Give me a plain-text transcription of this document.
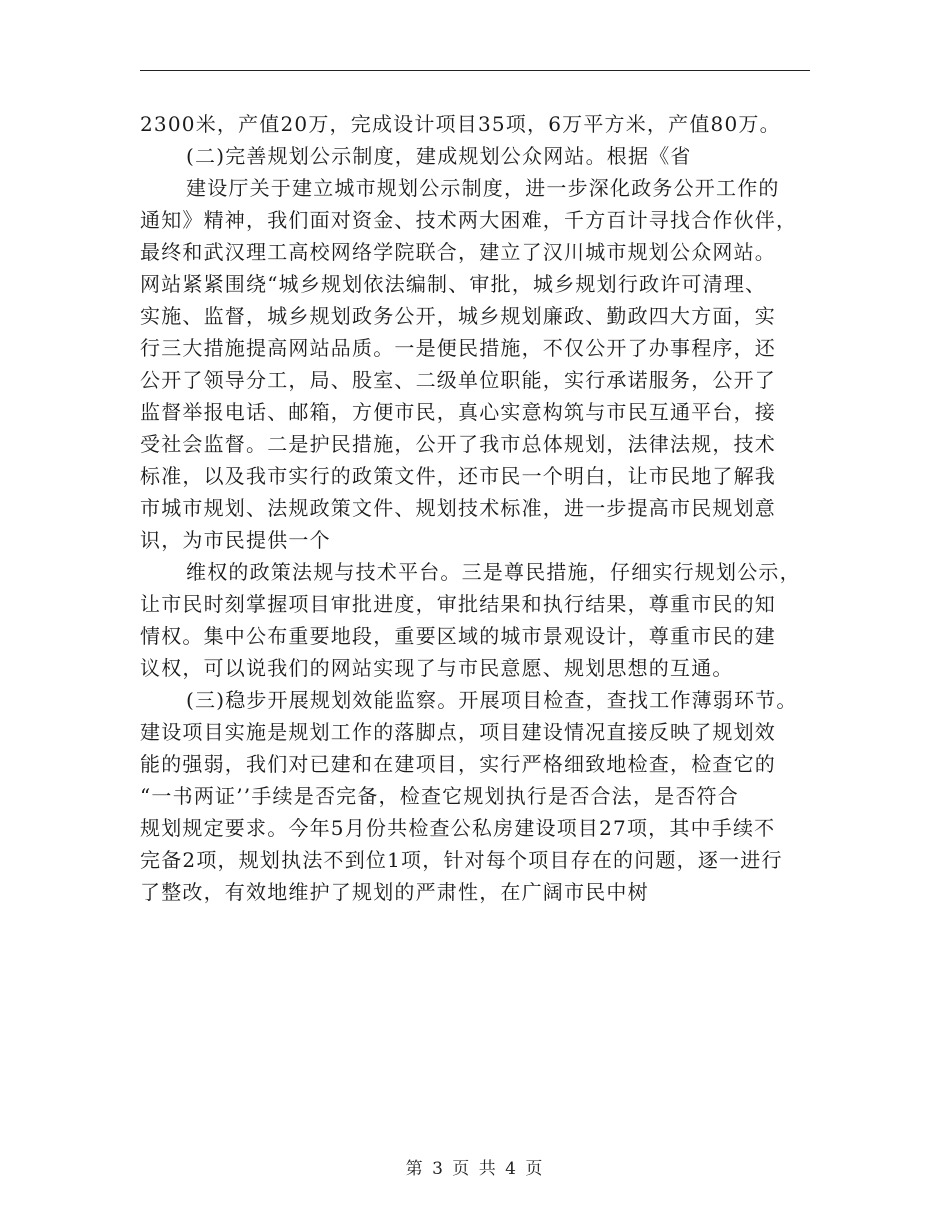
2300米，产值20万，完成设计项目35项，6万平方米，产值80万。
(二)完善规划公示制度，建成规划公众网站。根据《省
建设厅关于建立城市规划公示制度，进一步深化政务公开工作的
通知》精神，我们面对资金、技术两大困难，千方百计寻找合作伙伴，
最终和武汉理工高校网络学院联合，建立了汉川城市规划公众网站。
网站紧紧围绕“城乡规划依法编制、审批，城乡规划行政许可清理、
实施、监督，城乡规划政务公开，城乡规划廉政、勤政四大方面，实
行三大措施提高网站品质。一是便民措施，不仅公开了办事程序，还
公开了领导分工，局、股室、二级单位职能，实行承诺服务，公开了
监督举报电话、邮箱，方便市民，真心实意构筑与市民互通平台，接
受社会监督。二是护民措施，公开了我市总体规划，法律法规，技术
标准，以及我市实行的政策文件，还市民一个明白，让市民地了解我
市城市规划、法规政策文件、规划技术标准，进一步提高市民规划意
识，为市民提供一个
维权的政策法规与技术平台。三是尊民措施，仔细实行规划公示，
让市民时刻掌握项目审批进度，审批结果和执行结果，尊重市民的知
情权。集中公布重要地段，重要区域的城市景观设计，尊重市民的建
议权，可以说我们的网站实现了与市民意愿、规划思想的互通。
(三)稳步开展规划效能监察。开展项目检查，查找工作薄弱环节。
建设项目实施是规划工作的落脚点，项目建设情况直接反映了规划效
能的强弱，我们对已建和在建项目，实行严格细致地检查，检查它的
“一书两证’’手续是否完备，检查它规划执行是否合法，是否符合
规划规定要求。今年5月份共检查公私房建设项目27项，其中手续不
完备2项，规划执法不到位1项，针对每个项目存在的问题，逐一进行
了整改，有效地维护了规划的严肃性，在广阔市民中树
第 3 页 共 4 页
